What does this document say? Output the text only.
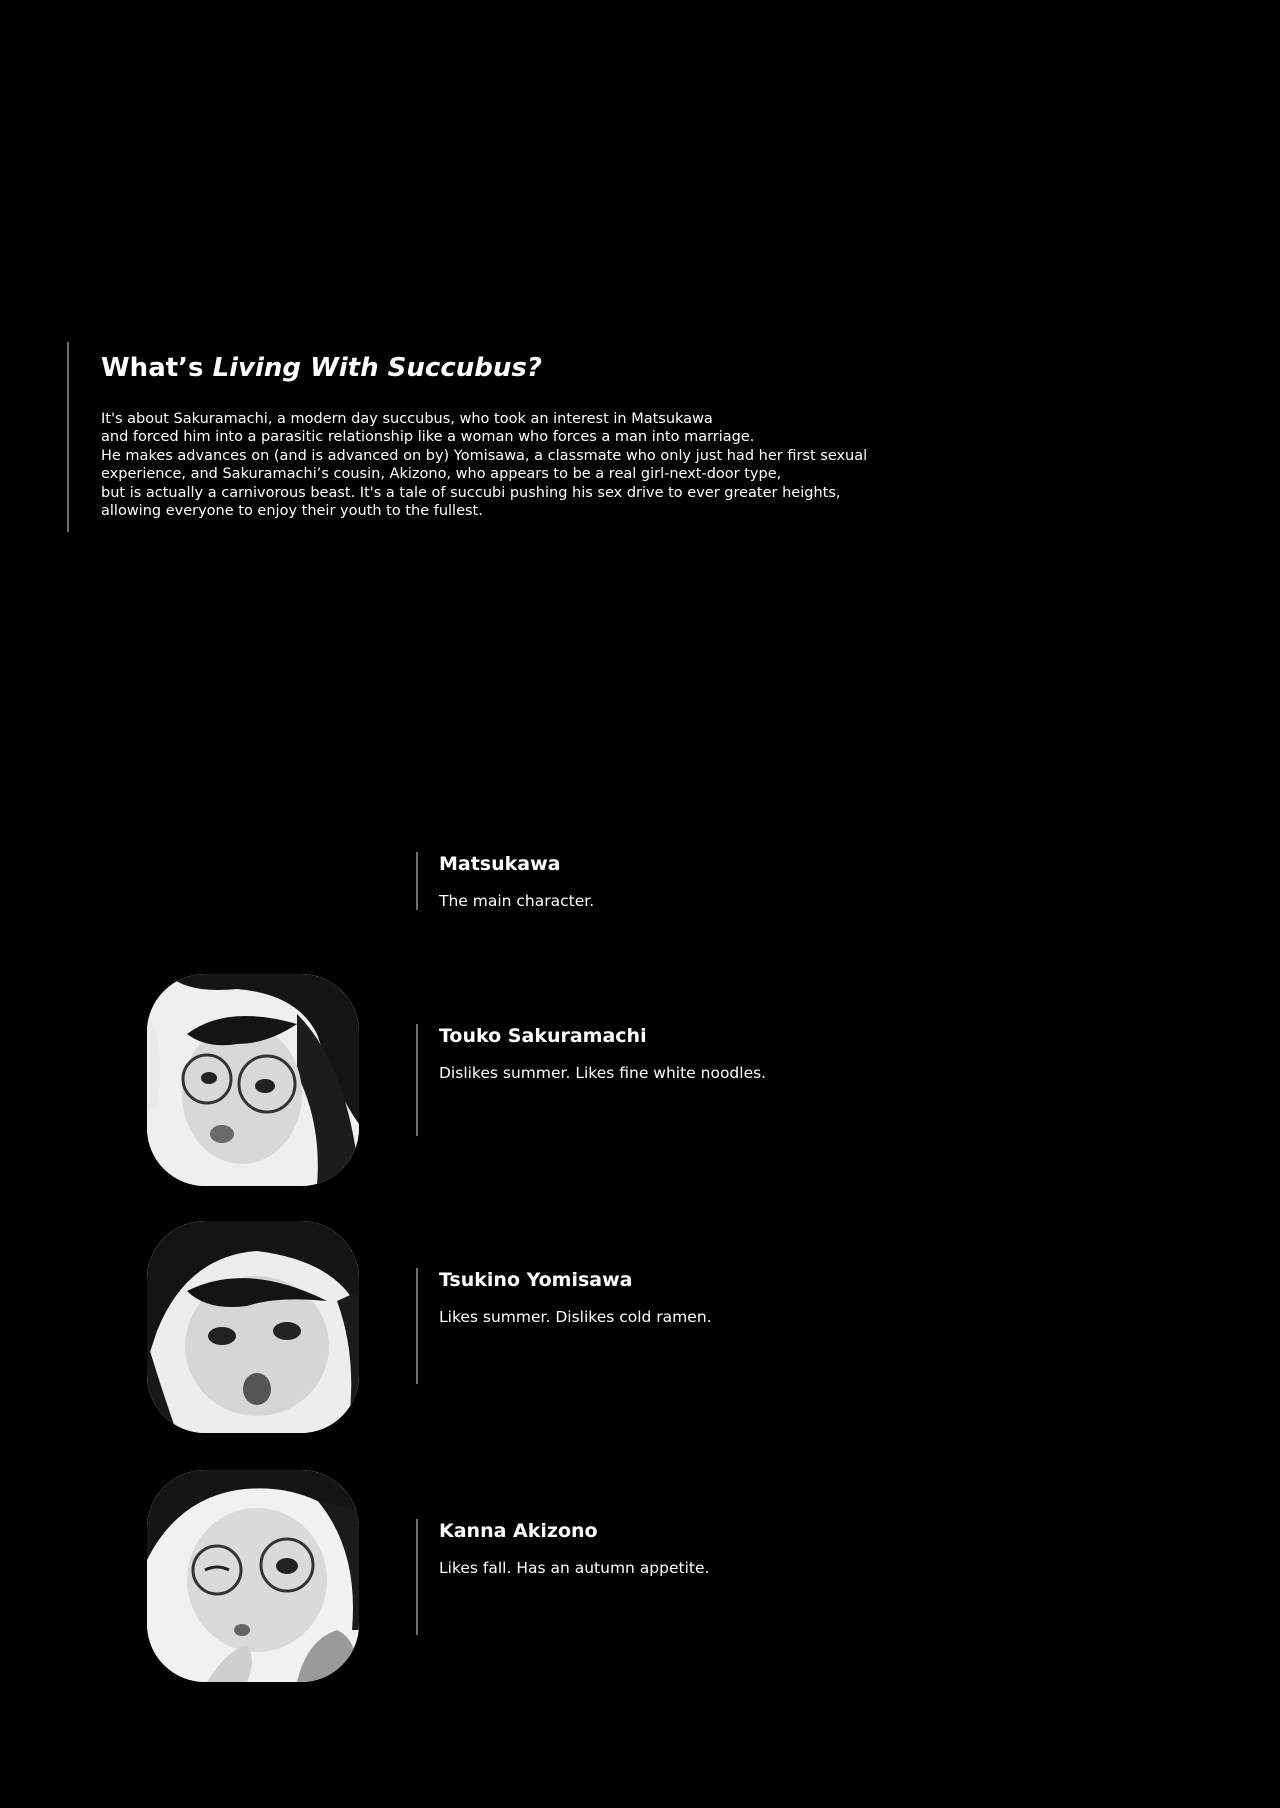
What’s Living With Succubus?
It's about Sakuramachi, a modern day succubus, who took an interest in Matsukawa
and forced him into a parasitic relationship like a woman who forces a man into marriage.
He makes advances on (and is advanced on by) Yomisawa, a classmate who only just had her first sexual
experience, and Sakuramachi’s cousin, Akizono, who appears to be a real girl-next-door type,
but is actually a carnivorous beast. It's a tale of succubi pushing his sex drive to ever greater heights,
allowing everyone to enjoy their youth to the fullest.
Matsukawa

The main character.

Touko Sakuramachi

Dislikes summer. Likes fine white noodles.

Tsukino Yomisawa

Likes summer. Dislikes cold ramen.

Kanna Akizono

Likes fall. Has an autumn appetite.
